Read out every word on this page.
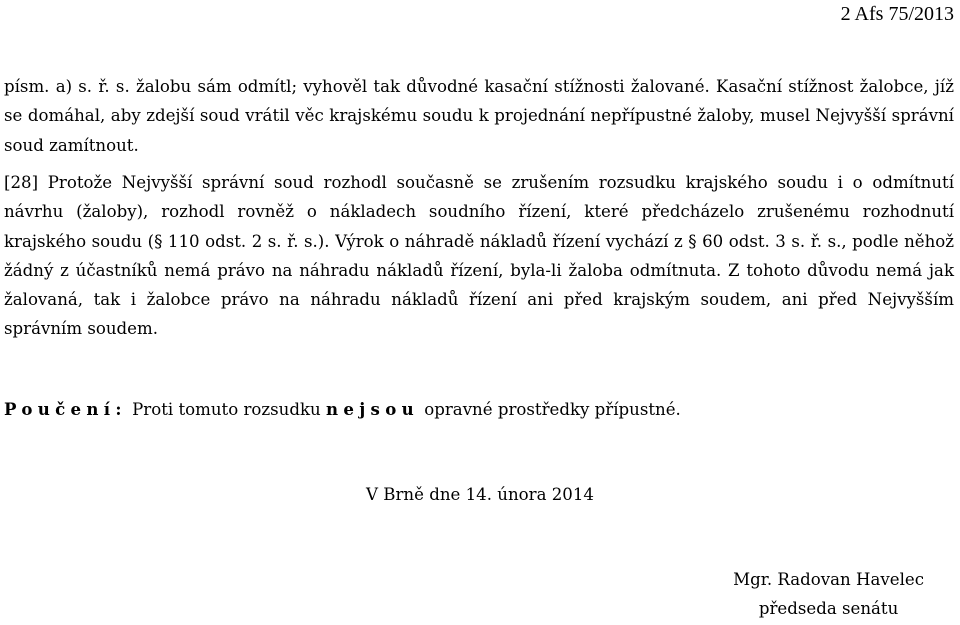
2 Afs 75/2013

písm. a) s. ř. s. žalobu sám odmítl; vyhověl tak důvodné kasační stížnosti žalované. Kasační stížnost žalobce, jíž se domáhal, aby zdejší soud vrátil věc krajskému soudu k projednání nepřípustné žaloby, musel Nejvyšší správní soud zamítnout.

[28] Protože Nejvyšší správní soud rozhodl současně se zrušením rozsudku krajského soudu i o odmítnutí návrhu (žaloby), rozhodl rovněž o nákladech soudního řízení, které předcházelo zrušenému rozhodnutí krajského soudu (§ 110 odst. 2 s. ř. s.). Výrok o náhradě nákladů řízení vychází z § 60 odst. 3 s. ř. s., podle něhož žádný z účastníků nemá právo na náhradu nákladů řízení, byla-li žaloba odmítnuta. Z tohoto důvodu nemá jak žalovaná, tak i žalobce právo na náhradu nákladů řízení ani před krajským soudem, ani před Nejvyšším správním soudem.

Poučení: Proti tomuto rozsudku nejsou opravné prostředky přípustné.
V Brně dne 14. února 2014
Mgr. Radovan Havelec
předseda senátu
